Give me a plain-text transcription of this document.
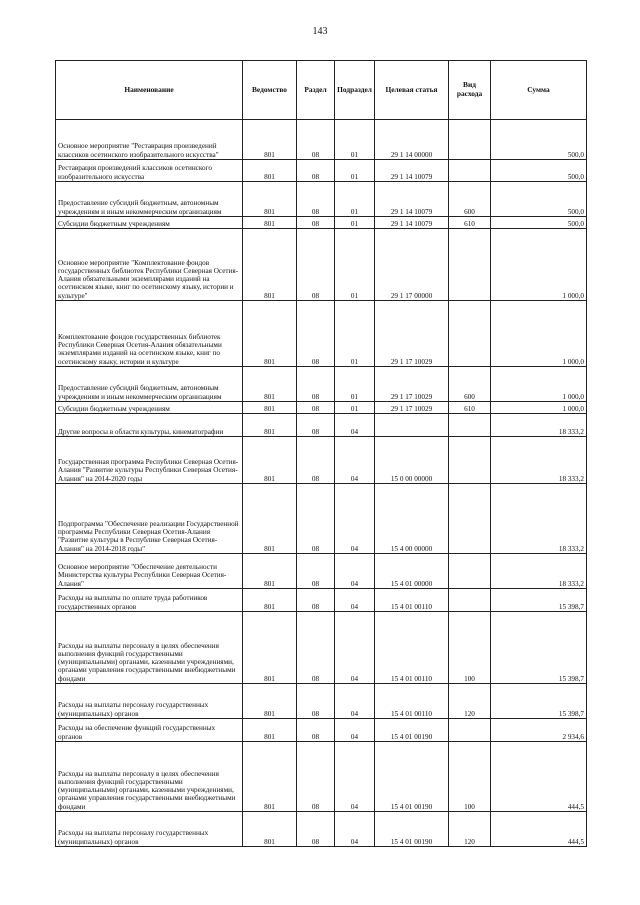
143
Наименование	Ведомство	Раздел	Подраздел	Целевая статья	Вид расхода	Сумма
Основное мероприятие "Реставрация произведений классиков осетинского изобразительного искусства"	801	08	01	29 1 14 00000		500,0
Реставрация произведений классиков осетинского изобразительного искусства	801	08	01	29 1 14 10079		500,0
Предоставление субсидий бюджетным, автономным учреждениям и иным некоммерческим организациям	801	08	01	29 1 14 10079	600	500,0
Субсидии бюджетным учреждениям	801	08	01	29 1 14 10079	610	500,0
Основное мероприятие "Комплектование фондов государственных библиотек Республики Северная Осетия-Алания обязательными экземплярами изданий на осетинском языке, книг по осетинскому языку, истории и культуре"	801	08	01	29 1 17 00000		1 000,0
Комплектование фондов государственных библиотек Республики Северная Осетия-Алания обязательными экземплярами изданий на осетинском языке, книг по осетинскому языку, истории и культуре	801	08	01	29 1 17 10029		1 000,0
Предоставление субсидий бюджетным, автономным учреждениям и иным некоммерческим организациям	801	08	01	29 1 17 10029	600	1 000,0
Субсидии бюджетным учреждениям	801	08	01	29 1 17 10029	610	1 000,0
Другие вопросы в области культуры, кинематографии	801	08	04			18 333,2
Государственная программа Республики Северная Осетия-Алания "Развитие культуры Республики Северная Осетия-Алания" на 2014-2020 годы	801	08	04	15 0 00 00000		18 333,2
Подпрограмма "Обеспечение реализации Государственной программы Республики Северная Осетия-Алания "Развитие культуры в Республике Северная Осетия-Алания" на 2014-2018 годы"	801	08	04	15 4 00 00000		18 333,2
Основное мероприятие "Обеспечение деятельности Министерства культуры Республики Северная Осетия-Алания"	801	08	04	15 4 01 00000		18 333,2
Расходы на выплаты по оплате труда работников государственных органов	801	08	04	15 4 01 00110		15 398,7
Расходы на выплаты персоналу в целях обеспечения выполнения функций государственными (муниципальными) органами, казенными учреждениями, органами управления государственными внебюджетными фондами	801	08	04	15 4 01 00110	100	15 398,7
Расходы на выплаты персоналу государственных (муниципальных) органов	801	08	04	15 4 01 00110	120	15 398,7
Расходы на обеспечение функций государственных органов	801	08	04	15 4 01 00190		2 934,6
Расходы на выплаты персоналу в целях обеспечения выполнения функций государственными (муниципальными) органами, казенными учреждениями, органами управления государственными внебюджетными фондами	801	08	04	15 4 01 00190	100	444,5
Расходы на выплаты персоналу государственных (муниципальных) органов	801	08	04	15 4 01 00190	120	444,5
